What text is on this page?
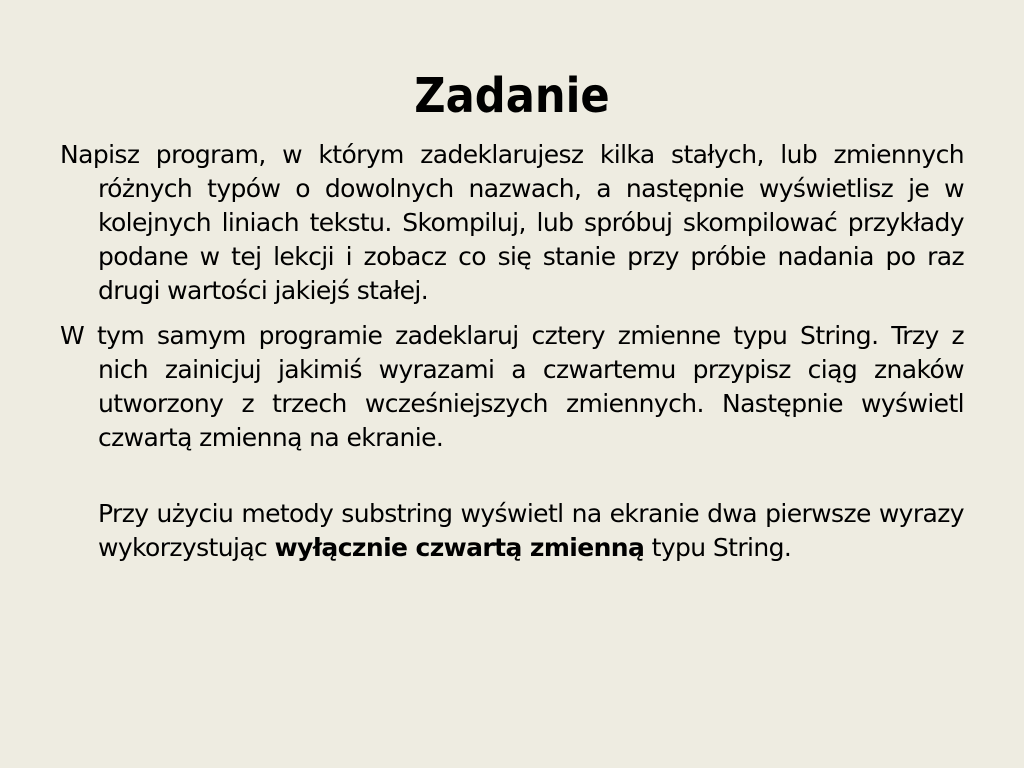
Zadanie

Napisz program, w którym zadeklarujesz kilka stałych, lub zmiennych różnych typów o dowolnych nazwach, a następnie wyświetlisz je w kolejnych liniach tekstu. Skompiluj, lub spróbuj skompilować przykłady podane w tej lekcji i zobacz co się stanie przy próbie nadania po raz drugi wartości jakiejś stałej.

W tym samym programie zadeklaruj cztery zmienne typu String. Trzy z nich zainicjuj jakimiś wyrazami a czwartemu przypisz ciąg znaków utworzony z trzech wcześniejszych zmiennych. Następnie wyświetl czwartą zmienną na ekranie.

Przy użyciu metody substring wyświetl na ekranie dwa pierwsze wyrazy wykorzystując wyłącznie czwartą zmienną typu String.
